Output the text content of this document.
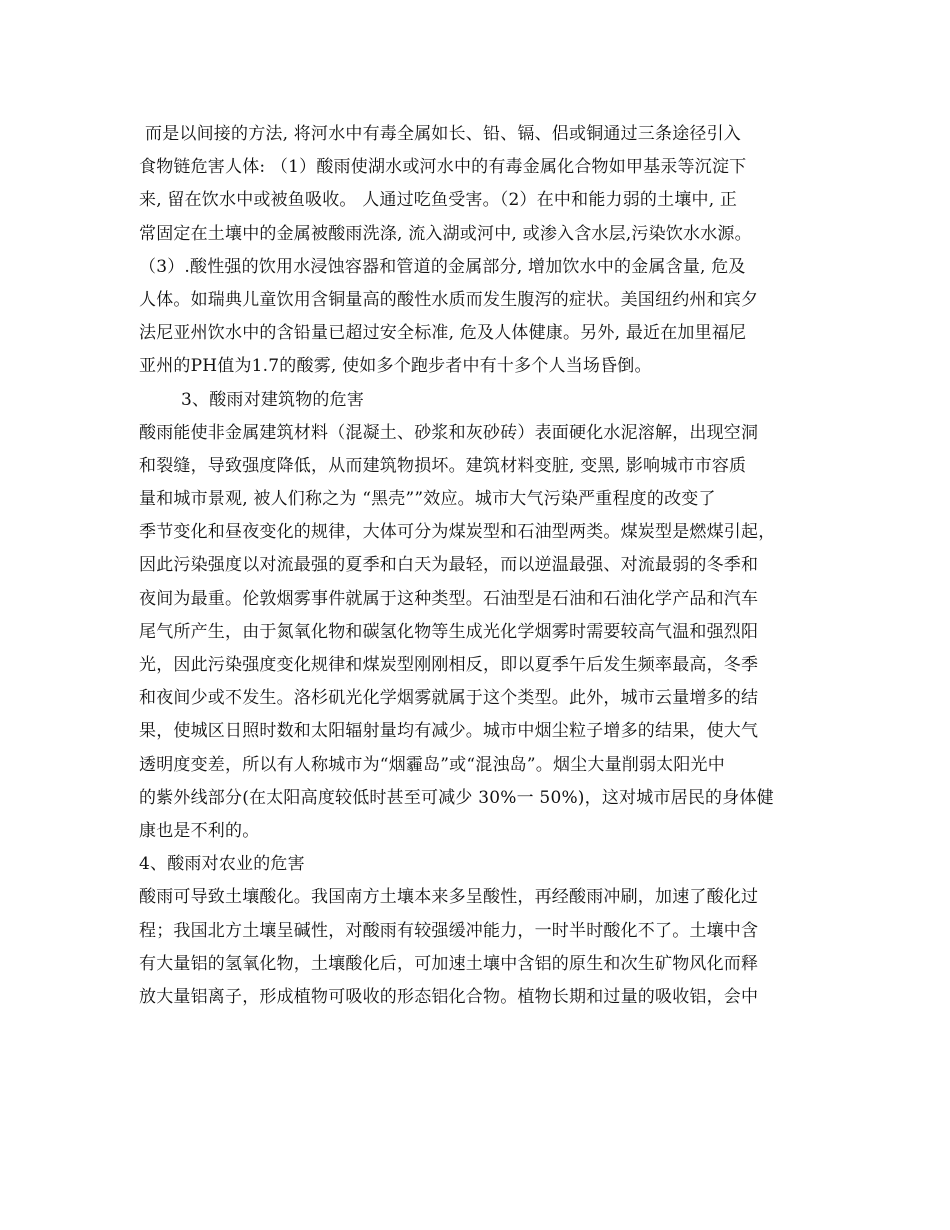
而是以间接的方法, 将河水中有毒全属如长、铅、镉、侣或铜通过三条途径引入
食物链危害人体: （1）酸雨使湖水或河水中的有毒金属化合物如甲基汞等沉淀下
来, 留在饮水中或被鱼吸收。 人通过吃鱼受害。（2）在中和能力弱的土壤中, 正
常固定在土壤中的金属被酸雨洗涤, 流入湖或河中, 或渗入含水层,污染饮水水源。
（3）.酸性强的饮用水浸蚀容器和管道的金属部分, 增加饮水中的金属含量, 危及
人体。如瑞典儿童饮用含铜量高的酸性水质而发生腹泻的症状。美国纽约州和宾夕
法尼亚州饮水中的含铅量已超过安全标准, 危及人体健康。另外, 最近在加里福尼
亚州的PH值为1.7的酸雾, 使如多个跑步者中有十多个人当场昏倒。
3、酸雨对建筑物的危害
酸雨能使非金属建筑材料（混凝土、砂浆和灰砂砖）表面硬化水泥溶解，出现空洞
和裂缝，导致强度降低，从而建筑物损坏。建筑材料变脏, 变黑, 影响城市市容质
量和城市景观, 被人们称之为 “黑壳””效应。城市大气污染严重程度的改变了
季节变化和昼夜变化的规律，大体可分为煤炭型和石油型两类。煤炭型是燃煤引起，
因此污染强度以对流最强的夏季和白天为最轻，而以逆温最强、对流最弱的冬季和
夜间为最重。伦敦烟雾事件就属于这种类型。石油型是石油和石油化学产品和汽车
尾气所产生，由于氮氧化物和碳氢化物等生成光化学烟雾时需要较高气温和强烈阳
光，因此污染强度变化规律和煤炭型刚刚相反，即以夏季午后发生频率最高，冬季
和夜间少或不发生。洛杉矶光化学烟雾就属于这个类型。此外，城市云量增多的结
果，使城区日照时数和太阳辐射量均有减少。城市中烟尘粒子增多的结果，使大气
透明度变差，所以有人称城市为“烟霾岛”或“混浊岛”。烟尘大量削弱太阳光中
的紫外线部分(在太阳高度较低时甚至可减少 30%一 50%)，这对城市居民的身体健
康也是不利的。
4、酸雨对农业的危害
酸雨可导致土壤酸化。我国南方土壤本来多呈酸性，再经酸雨冲刷，加速了酸化过
程；我国北方土壤呈碱性，对酸雨有较强缓冲能力，一时半时酸化不了。土壤中含
有大量铝的氢氧化物，土壤酸化后，可加速土壤中含铝的原生和次生矿物风化而释
放大量铝离子，形成植物可吸收的形态铝化合物。植物长期和过量的吸收铝，会中
